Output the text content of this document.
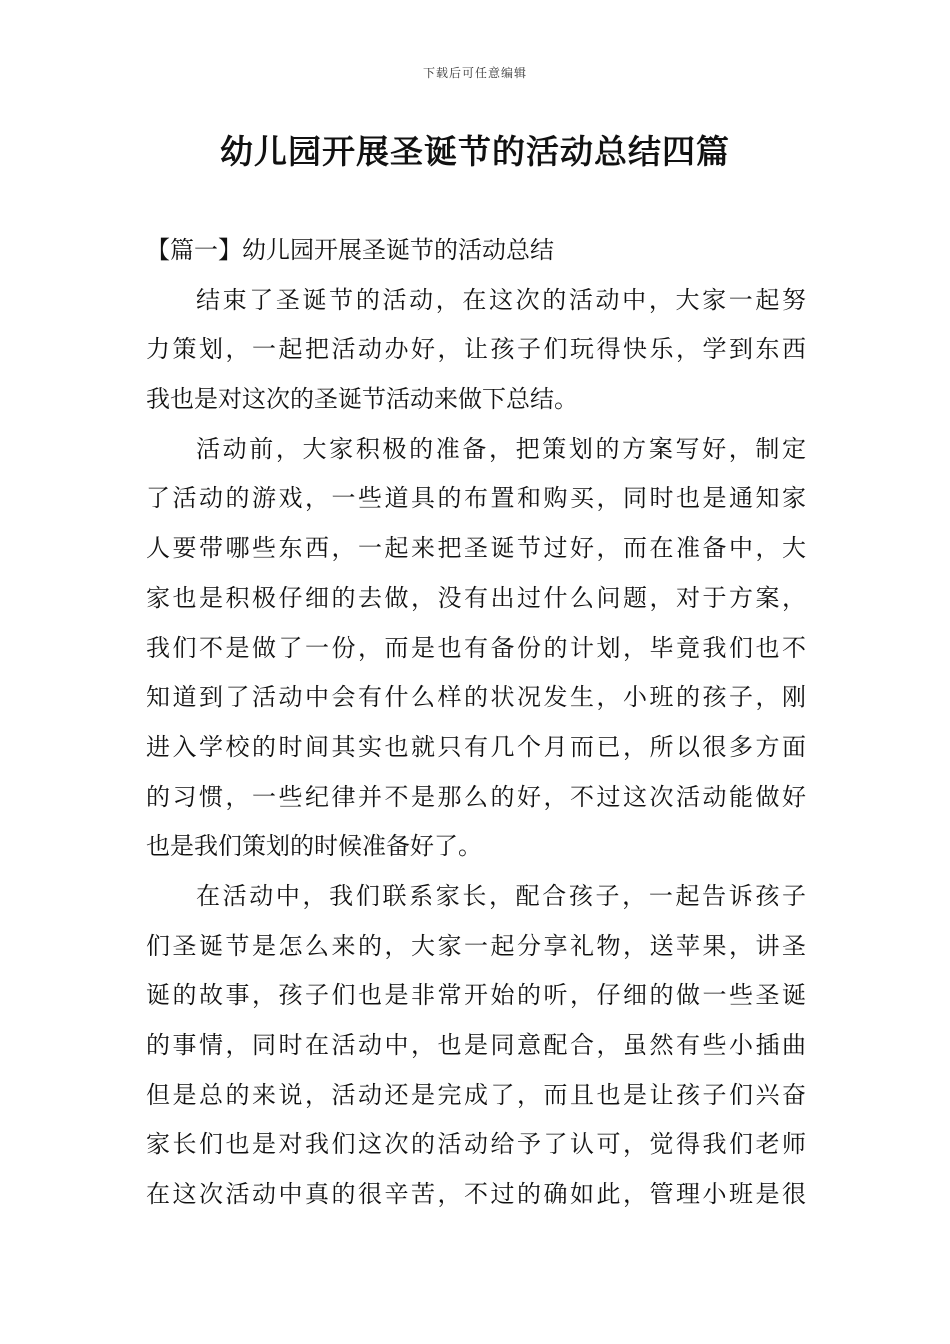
下载后可任意编辑
幼儿园开展圣诞节的活动总结四篇
【篇一】幼儿园开展圣诞节的活动总结
结束了圣诞节的活动，在这次的活动中，大家一起努
力策划，一起把活动办好，让孩子们玩得快乐，学到东西
我也是对这次的圣诞节活动来做下总结。
活动前，大家积极的准备，把策划的方案写好，制定
了活动的游戏，一些道具的布置和购买，同时也是通知家
人要带哪些东西，一起来把圣诞节过好，而在准备中，大
家也是积极仔细的去做，没有出过什么问题，对于方案，
我们不是做了一份，而是也有备份的计划，毕竟我们也不
知道到了活动中会有什么样的状况发生，小班的孩子，刚
进入学校的时间其实也就只有几个月而已，所以很多方面
的习惯，一些纪律并不是那么的好，不过这次活动能做好
也是我们策划的时候准备好了。
在活动中，我们联系家长，配合孩子，一起告诉孩子
们圣诞节是怎么来的，大家一起分享礼物，送苹果，讲圣
诞的故事，孩子们也是非常开始的听，仔细的做一些圣诞
的事情，同时在活动中，也是同意配合，虽然有些小插曲
但是总的来说，活动还是完成了，而且也是让孩子们兴奋
家长们也是对我们这次的活动给予了认可，觉得我们老师
在这次活动中真的很辛苦，不过的确如此，管理小班是很
